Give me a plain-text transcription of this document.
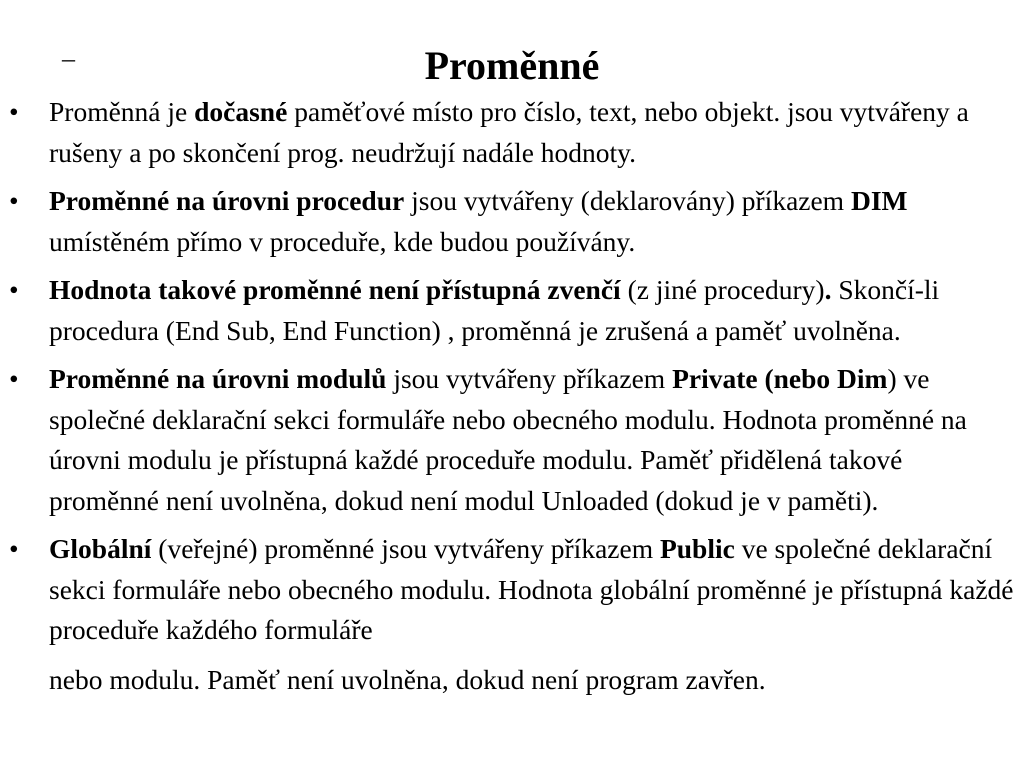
–	Proměnné
• Proměnná je dočasné paměťové místo pro číslo, text, nebo objekt. jsou vytvářeny a rušeny a po skončení prog. neudržují nadále hodnoty.
• Proměnné na úrovni procedur jsou vytvářeny (deklarovány) příkazem DIM umístěném přímo v proceduře, kde budou používány.
• Hodnota takové proměnné není přístupná zvenčí (z jiné procedury). Skončí-li procedura (End Sub, End Function) , proměnná je zrušená a paměť uvolněna.
• Proměnné na úrovni modulů jsou vytvářeny příkazem Private (nebo Dim) ve společné deklarační sekci formuláře nebo obecného modulu. Hodnota proměnné na úrovni modulu je přístupná každé proceduře modulu. Paměť přidělená takové proměnné není uvolněna, dokud není modul Unloaded (dokud je v paměti).
• Globální (veřejné) proměnné jsou vytvářeny příkazem Public ve společné deklarační sekci formuláře nebo obecného modulu. Hodnota globální proměnné je přístupná každé proceduře každého formuláře
nebo modulu. Paměť není uvolněna, dokud není program zavřen.
